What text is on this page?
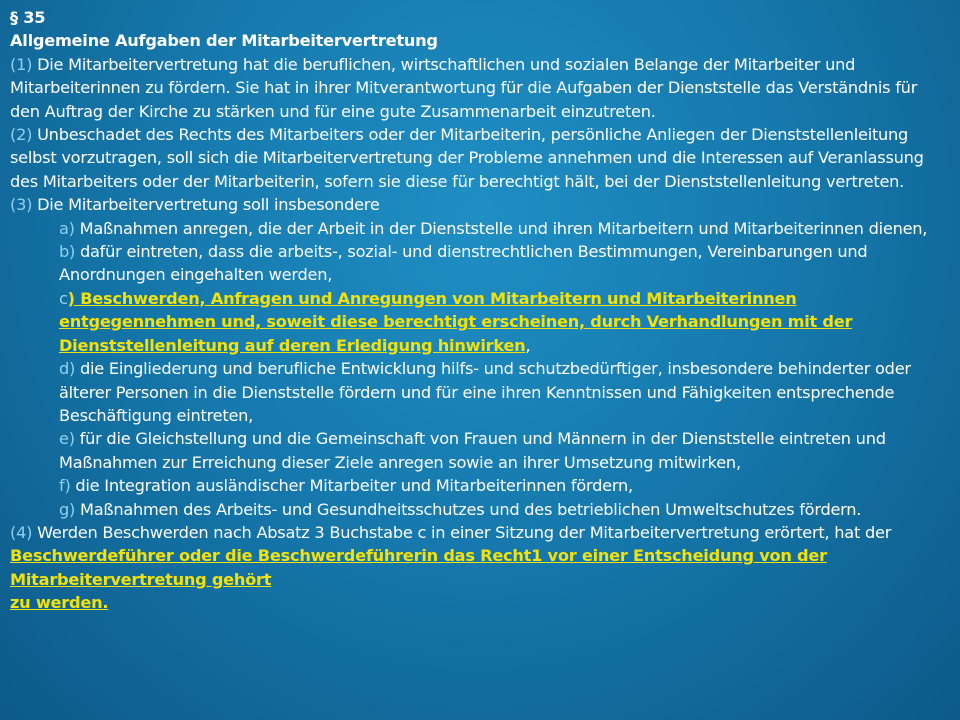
§ 35
Allgemeine Aufgaben der Mitarbeitervertretung
(1) Die Mitarbeitervertretung hat die beruflichen, wirtschaftlichen und sozialen Belange der Mitarbeiter und Mitarbeiterinnen zu fördern. Sie hat in ihrer Mitverantwortung für die Aufgaben der Dienststelle das Verständnis für den Auftrag der Kirche zu stärken und für eine gute Zusammenarbeit einzutreten.
(2) Unbeschadet des Rechts des Mitarbeiters oder der Mitarbeiterin, persönliche Anliegen der Dienststellenleitung selbst vorzutragen, soll sich die Mitarbeitervertretung der Probleme annehmen und die Interessen auf Veranlassung des Mitarbeiters oder der Mitarbeiterin, sofern sie diese für berechtigt hält, bei der Dienststellenleitung vertreten.
(3) Die Mitarbeitervertretung soll insbesondere
a) Maßnahmen anregen, die der Arbeit in der Dienststelle und ihren Mitarbeitern und Mitarbeiterinnen dienen,
b) dafür eintreten, dass die arbeits-, sozial- und dienstrechtlichen Bestimmungen, Vereinbarungen und Anordnungen eingehalten werden,
c) Beschwerden, Anfragen und Anregungen von Mitarbeitern und Mitarbeiterinnen entgegennehmen und, soweit diese berechtigt erscheinen, durch Verhandlungen mit der Dienststellenleitung auf deren Erledigung hinwirken,
d) die Eingliederung und berufliche Entwicklung hilfs- und schutzbedürftiger, insbesondere behinderter oder älterer Personen in die Dienststelle fördern und für eine ihren Kenntnissen und Fähigkeiten entsprechende Beschäftigung eintreten,
e) für die Gleichstellung und die Gemeinschaft von Frauen und Männern in der Dienststelle eintreten und Maßnahmen zur Erreichung dieser Ziele anregen sowie an ihrer Umsetzung mitwirken,
f) die Integration ausländischer Mitarbeiter und Mitarbeiterinnen fördern,
g) Maßnahmen des Arbeits- und Gesundheitsschutzes und des betrieblichen Umweltschutzes fördern.
(4) Werden Beschwerden nach Absatz 3 Buchstabe c in einer Sitzung der Mitarbeitervertretung erörtert, hat der Beschwerdeführer oder die Beschwerdeführerin das Recht1 vor einer Entscheidung von der Mitarbeitervertretung gehört
zu werden.
